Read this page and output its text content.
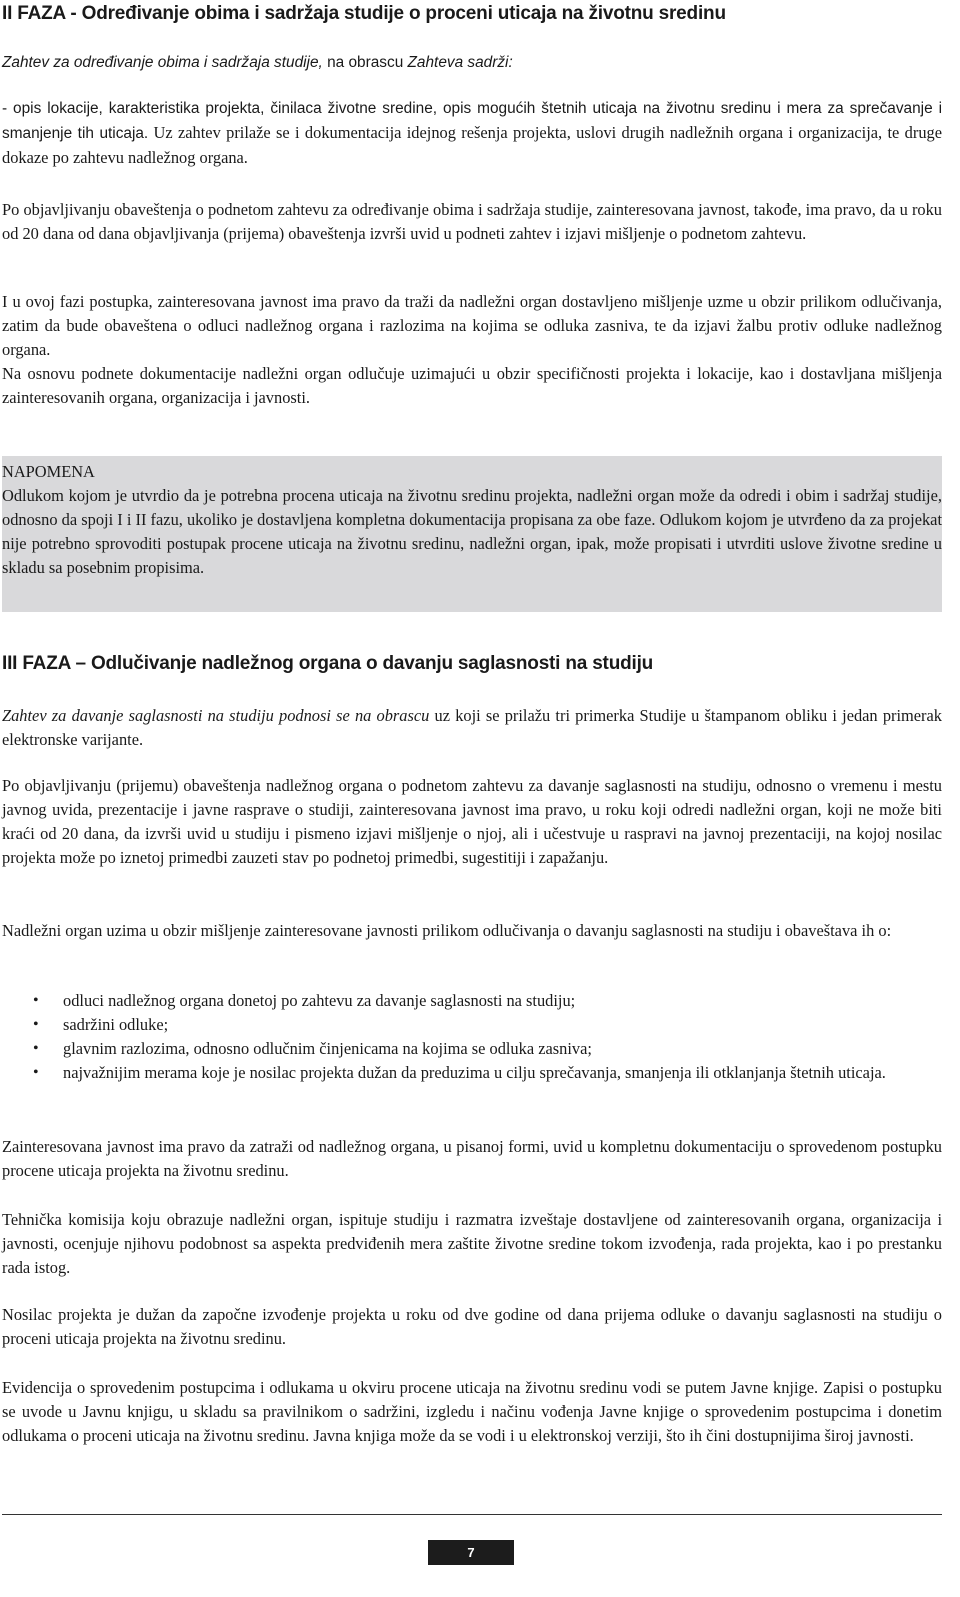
II FAZA - Određivanje obima i sadržaja studije o proceni uticaja na životnu sredinu

Zahtev za određivanje obima i sadržaja studije, na obrascu Zahteva sadrži:

- opis lokacije, karakteristika projekta, činilaca životne sredine, opis mogućih štetnih uticaja na životnu sredinu i mera za sprečavanje i smanjenje tih uticaja. Uz zahtev prilaže se i dokumentacija idejnog rešenja projekta, uslovi drugih nadležnih organa i organizacija, te druge dokaze po zahtevu nadležnog organa.

Po objavljivanju obaveštenja o podnetom zahtevu za određivanje obima i sadržaja studije, zainteresovana javnost, takođe, ima pravo, da u roku od 20 dana od dana objavljivanja (prijema) obaveštenja izvrši uvid u podneti zahtev i izjavi mišljenje o podnetom zahtevu.

I u ovoj fazi postupka, zainteresovana javnost ima pravo da traži da nadležni organ dostavljeno mišljenje uzme u obzir prilikom odlučivanja, zatim da bude obaveštena o odluci nadležnog organa i razlozima na kojima se odluka zasniva, te da izjavi žalbu protiv odluke nadležnog organa.

Na osnovu podnete dokumentacije nadležni organ odlučuje uzimajući u obzir specifičnosti projekta i lokacije, kao i dostavljana mišljenja zainteresovanih organa, organizacija i javnosti.

NAPOMENA
Odlukom kojom je utvrdio da je potrebna procena uticaja na životnu sredinu projekta, nadležni organ može da odredi i obim i sadržaj studije, odnosno da spoji I i II fazu, ukoliko je dostavljena kompletna dokumentacija propisana za obe faze. Odlukom kojom je utvrđeno da za projekat nije potrebno sprovoditi postupak procene uticaja na životnu sredinu, nadležni organ, ipak, može propisati i utvrditi uslove životne sredine u skladu sa posebnim propisima.

III FAZA – Odlučivanje nadležnog organa o davanju saglasnosti na studiju

Zahtev za davanje saglasnosti na studiju podnosi se na obrascu uz koji se prilažu tri primerka Studije u štampanom obliku i jedan primerak elektronske varijante.

Po objavljivanju (prijemu) obaveštenja nadležnog organa o podnetom zahtevu za davanje saglasnosti na studiju, odnosno o vremenu i mestu javnog uvida, prezentacije i javne rasprave o studiji, zainteresovana javnost ima pravo, u roku koji odredi nadležni organ, koji ne može biti kraći od 20 dana, da izvrši uvid u studiju i pismeno izjavi mišljenje o njoj, ali i učestvuje u raspravi na javnoj prezentaciji, na kojoj nosilac projekta može po iznetoj primedbi zauzeti stav po podnetoj primedbi, sugestitiji i zapažanju.

Nadležni organ uzima u obzir mišljenje zainteresovane javnosti prilikom odlučivanja o davanju saglasnosti na studiju i obaveštava ih o:

• odluci nadležnog organa donetoj po zahtevu za davanje saglasnosti na studiju;
• sadržini odluke;
• glavnim razlozima, odnosno odlučnim činjenicama na kojima se odluka zasniva;
• najvažnijim merama koje je nosilac projekta dužan da preduzima u cilju sprečavanja, smanjenja ili otklanjanja štetnih uticaja.

Zainteresovana javnost ima pravo da zatraži od nadležnog organa, u pisanoj formi, uvid u kompletnu dokumentaciju o sprovedenom postupku procene uticaja projekta na životnu sredinu.

Tehnička komisija koju obrazuje nadležni organ, ispituje studiju i razmatra izveštaje dostavljene od zainteresovanih organa, organizacija i javnosti, ocenjuje njihovu podobnost sa aspekta predviđenih mera zaštite životne sredine tokom izvođenja, rada projekta, kao i po prestanku rada istog.

Nosilac projekta je dužan da započne izvođenje projekta u roku od dve godine od dana prijema odluke o davanju saglasnosti na studiju o proceni uticaja projekta na životnu sredinu.

Evidencija o sprovedenim postupcima i odlukama u okviru procene uticaja na životnu sredinu vodi se putem Javne knjige. Zapisi o postupku se uvode u Javnu knjigu, u skladu sa pravilnikom o sadržini, izgledu i načinu vođenja Javne knjige o sprovedenim postupcima i donetim odlukama o proceni uticaja na životnu sredinu. Javna knjiga može da se vodi i u elektronskoj verziji, što ih čini dostupnijima široj javnosti.

7
